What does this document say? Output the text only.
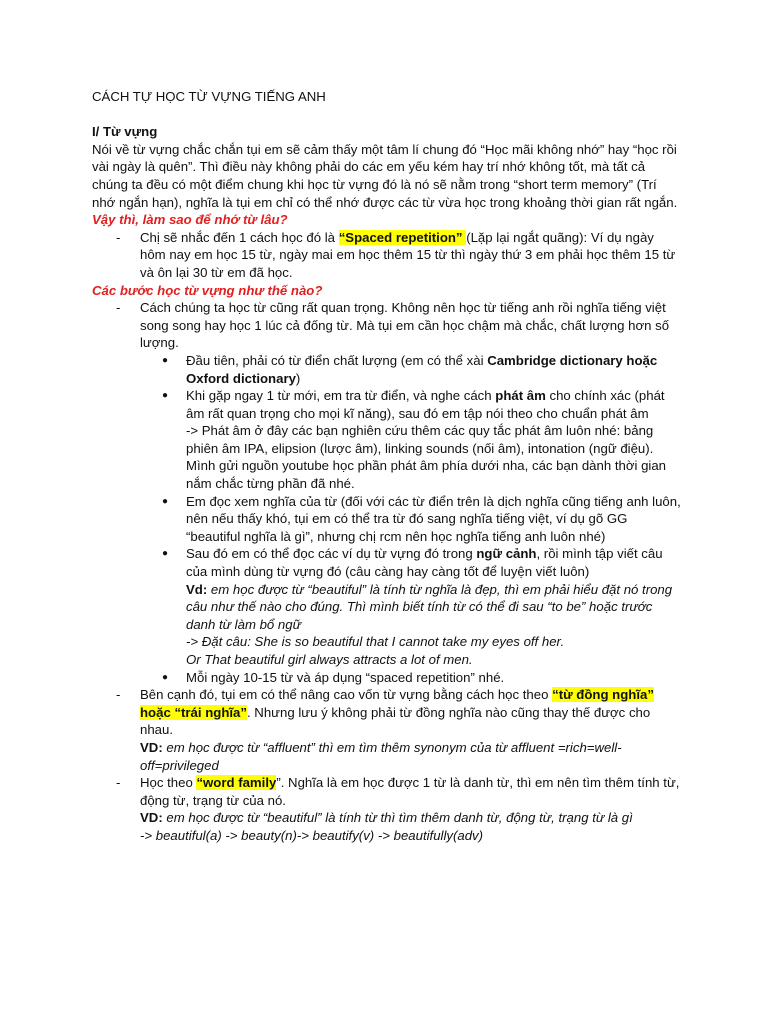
CÁCH TỰ HỌC TỪ VỰNG TIẾNG ANH

I/ Từ vựng

Nói về từ vựng chắc chắn tụi em sẽ cảm thấy một tâm lí chung đó “Học mãi không nhớ” hay “học rồi vài ngày là quên”. Thì điều này không phải do các em yếu kém hay trí nhớ không tốt, mà tất cả chúng ta đều có một điểm chung khi học từ vựng đó là nó sẽ nằm trong “short term memory” (Trí nhớ ngắn hạn), nghĩa là tụi em chỉ có thể nhớ được các từ vừa học trong khoảng thời gian rất ngắn.

Vậy thì, làm sao để nhớ từ lâu?

- Chị sẽ nhắc đến 1 cách học đó là “Spaced repetition” (Lặp lại ngắt quãng): Ví dụ ngày hôm nay em học 15 từ, ngày mai em học thêm 15 từ thì ngày thứ 3 em phải học thêm 15 từ và ôn lại 30 từ em đã học.

Các bước học từ vựng như thế nào?

- Cách chúng ta học từ cũng rất quan trọng. Không nên học từ tiếng anh rồi nghĩa tiếng việt song song hay học 1 lúc cả đống từ. Mà tụi em cần học chậm mà chắc, chất lượng hơn số lượng.

● Đầu tiên, phải có từ điển chất lượng (em có thể xài Cambridge dictionary hoặc Oxford dictionary)

● Khi gặp ngay 1 từ mới, em tra từ điển, và nghe cách phát âm cho chính xác (phát âm rất quan trọng cho mọi kĩ năng), sau đó em tập nói theo cho chuẩn phát âm
-> Phát âm ở đây các bạn nghiên cứu thêm các quy tắc phát âm luôn nhé: bảng phiên âm IPA, elipsion (lược âm), linking sounds (nối âm), intonation (ngữ điệu). Mình gửi nguồn youtube học phần phát âm phía dưới nha, các bạn dành thời gian nắm chắc từng phần đã nhé.

● Em đọc xem nghĩa của từ (đối với các từ điển trên là dịch nghĩa cũng tiếng anh luôn, nên nếu thấy khó, tụi em có thể tra từ đó sang nghĩa tiếng việt, ví dụ gõ GG “beautiful nghĩa là gì”, nhưng chị rcm nên học nghĩa tiếng anh luôn nhé)

● Sau đó em có thể đọc các ví dụ từ vựng đó trong ngữ cảnh, rồi mình tập viết câu của mình dùng từ vựng đó (câu càng hay càng tốt để luyện viết luôn)
Vd: em học được từ “beautiful” là tính từ nghĩa là đẹp, thì em phải hiểu đặt nó trong câu như thế nào cho đúng. Thì mình biết tính từ có thể đi sau “to be” hoặc trước danh từ làm bổ ngữ
-> Đặt câu: She is so beautiful that I cannot take my eyes off her.
Or That beautiful girl always attracts a lot of men.

● Mỗi ngày 10-15 từ và áp dụng “spaced repetition” nhé.

- Bên cạnh đó, tụi em có thể nâng cao vốn từ vựng bằng cách học theo “từ đồng nghĩa” hoặc “trái nghĩa”. Nhưng lưu ý không phải từ đồng nghĩa nào cũng thay thế được cho nhau.
VD: em học được từ “affluent” thì em tìm thêm synonym của từ affluent =rich=well-off=privileged

- Học theo “word family”. Nghĩa là em học được 1 từ là danh từ, thì em nên tìm thêm tính từ, động từ, trạng từ của nó.
VD: em học được từ “beautiful” là tính từ thì tìm thêm danh từ, động từ, trạng từ là gì
-> beautiful(a) -> beauty(n)-> beautify(v) -> beautifully(adv)
